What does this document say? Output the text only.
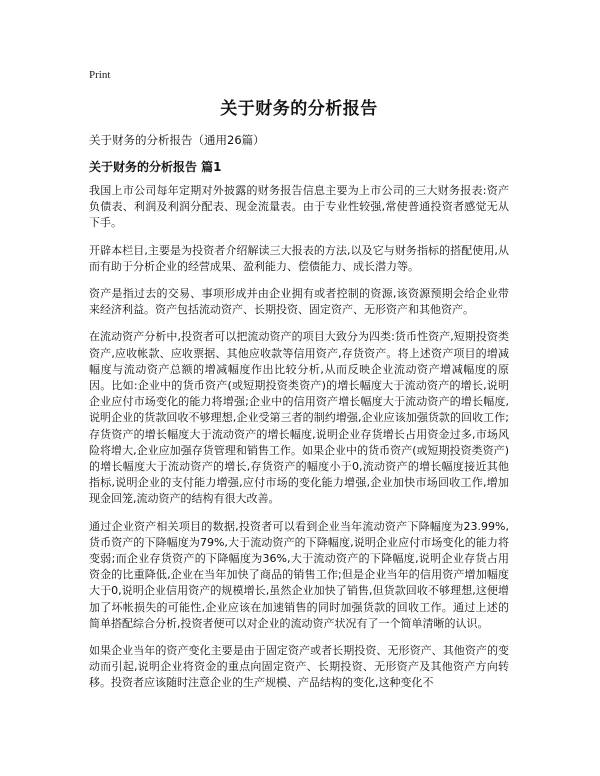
Print
关于财务的分析报告
关于财务的分析报告（通用26篇）
关于财务的分析报告 篇1

我国上市公司每年定期对外披露的财务报告信息主要为上市公司的三大财务报表:资产负债表、利润及利润分配表、现金流量表。由于专业性较强,常使普通投资者感觉无从下手。

开辟本栏目,主要是为投资者介绍解读三大报表的方法,以及它与财务指标的搭配使用,从而有助于分析企业的经营成果、盈利能力、偿债能力、成长潜力等。

资产是指过去的交易、事项形成并由企业拥有或者控制的资源,该资源预期会给企业带来经济利益。资产包括流动资产、长期投资、固定资产、无形资产和其他资产。

在流动资产分析中,投资者可以把流动资产的项目大致分为四类:货币性资产,短期投资类资产,应收帐款、应收票据、其他应收款等信用资产,存货资产。将上述资产项目的增减幅度与流动资产总额的增减幅度作出比较分析,从而反映企业流动资产增减幅度的原因。比如:企业中的货币资产(或短期投资类资产)的增长幅度大于流动资产的增长,说明企业应付市场变化的能力将增强;企业中的信用资产增长幅度大于流动资产的增长幅度,说明企业的货款回收不够理想,企业受第三者的制约增强,企业应该加强货款的回收工作;存货资产的增长幅度大于流动资产的增长幅度,说明企业存货增长占用资金过多,市场风险将增大,企业应加强存货管理和销售工作。如果企业中的货币资产(或短期投资类资产)的增长幅度大于流动资产的增长,存货资产的幅度小于0,流动资产的增长幅度接近其他指标,说明企业的支付能力增强,应付市场的变化能力增强,企业加快市场回收工作,增加现金回笼,流动资产的结构有很大改善。

通过企业资产相关项目的数据,投资者可以看到企业当年流动资产下降幅度为23.99%,货币资产的下降幅度为79%,大于流动资产的下降幅度,说明企业应付市场变化的能力将变弱;而企业存货资产的下降幅度为36%,大于流动资产的下降幅度,说明企业存货占用资金的比重降低,企业在当年加快了商品的销售工作;但是企业当年的信用资产增加幅度大于0,说明企业信用资产的规模增长,虽然企业加快了销售,但货款回收不够理想,这便增加了坏帐损失的可能性,企业应该在加速销售的同时加强货款的回收工作。通过上述的简单搭配综合分析,投资者便可以对企业的流动资产状况有了一个简单清晰的认识。

如果企业当年的资产变化主要是由于固定资产或者长期投资、无形资产、其他资产的变动而引起,说明企业将资金的重点向固定资产、长期投资、无形资产及其他资产方向转移。投资者应该随时注意企业的生产规模、产品结构的变化,这种变化不
